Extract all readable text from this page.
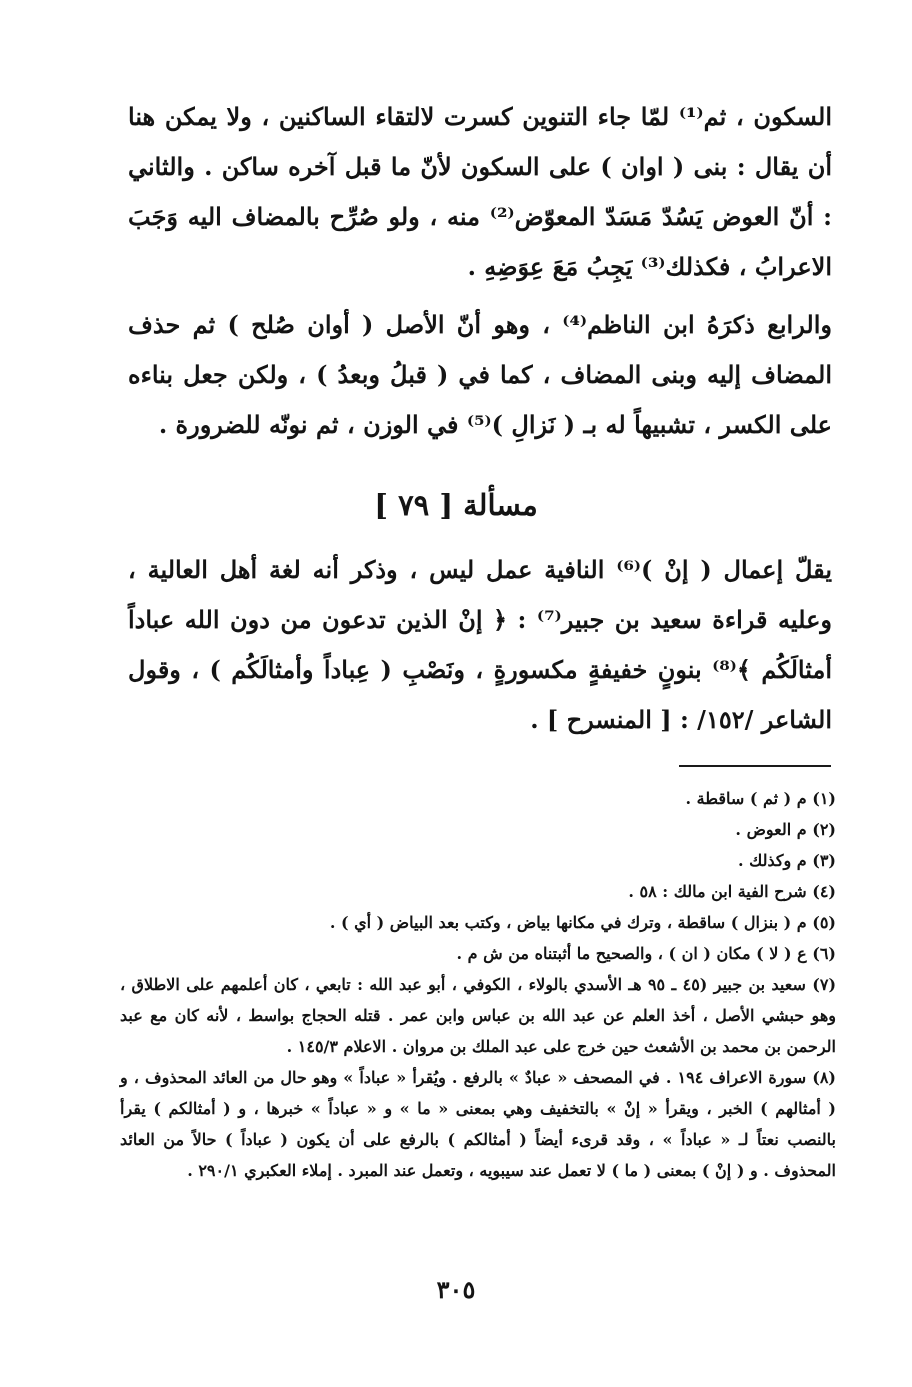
السكون ، ثم⁽¹⁾ لمّا جاء التنوين كسرت لالتقاء الساكنين ، ولا يمكن هنا أن يقال : بنى ( اوان ) على السكون لأنّ ما قبل آخره ساكن . والثاني : أنّ العوض يَسُدّ مَسَدّ المعوّض⁽²⁾ منه ، ولو صُرِّح بالمضاف اليه وَجَبَ الاعرابُ ، فكذلك⁽³⁾ يَجِبُ مَعَ عِوَضِهِ .
والرابع ذكرَهُ ابن الناظم⁽⁴⁾ ، وهو أنّ الأصل ( أوان صُلح ) ثم حذف المضاف إليه وبنى المضاف ، كما في ( قبلُ وبعدُ ) ، ولكن جعل بناءه على الكسر ، تشبيهاً له بـ ( نَزالِ )⁽⁵⁾ في الوزن ، ثم نونّه للضرورة .
مسألة [ ٧٩ ]
يقلّ إعمال ( إنْ )⁽⁶⁾ النافية عمل ليس ، وذكر أنه لغة أهل العالية ، وعليه قراءة سعيد بن جبير⁽⁷⁾ : ﴿ إنْ الذين تدعون من دون الله عباداً أمثالَكُم ﴾⁽⁸⁾ بنونٍ خفيفةٍ مكسورةٍ ، ونَصْبِ ( عِباداً وأمثالَكُم ) ، وقول الشاعر /١٥٢/ : [ المنسرح ] .
(١) م ( ثم ) ساقطة .
(٢) م العوض .
(٣) م وكذلك .
(٤) شرح الفية ابن مالك : ٥٨ .
(٥) م ( بنزال ) ساقطة ، وترك في مكانها بياض ، وكتب بعد البياض ( أي ) .
(٦) ع ( لا ) مكان ( ان ) ، والصحيح ما أثبتناه من ش م .
(٧) سعيد بن جبير (٤٥ ـ ٩٥ هـ الأسدي بالولاء ، الكوفي ، أبو عبد الله : تابعي ، كان أعلمهم على الاطلاق ، وهو حبشي الأصل ، أخذ العلم عن عبد الله بن عباس وابن عمر . قتله الحجاج بواسط ، لأنه كان مع عبد الرحمن بن محمد بن الأشعث حين خرج على عبد الملك بن مروان . الاعلام ١٤٥/٣ .
(٨) سورة الاعراف ١٩٤ . في المصحف « عبادٌ » بالرفع . ويُقرأ « عباداً » وهو حال من العائد المحذوف ، و ( أمثالهم ) الخبر ، ويقرأ « إنْ » بالتخفيف وهي بمعنى « ما » و « عباداً » خبرها ، و ( أمثالكم ) يقرأ بالنصب نعتاً لـ « عباداً » ، وقد قرىء أيضاً ( أمثالكم ) بالرفع على أن يكون ( عباداً ) حالاً من العائد المحذوف . و ( إنْ ) بمعنى ( ما ) لا تعمل عند سيبويه ، وتعمل عند المبرد . إملاء العكبري ٢٩٠/١ .
٣٠٥
